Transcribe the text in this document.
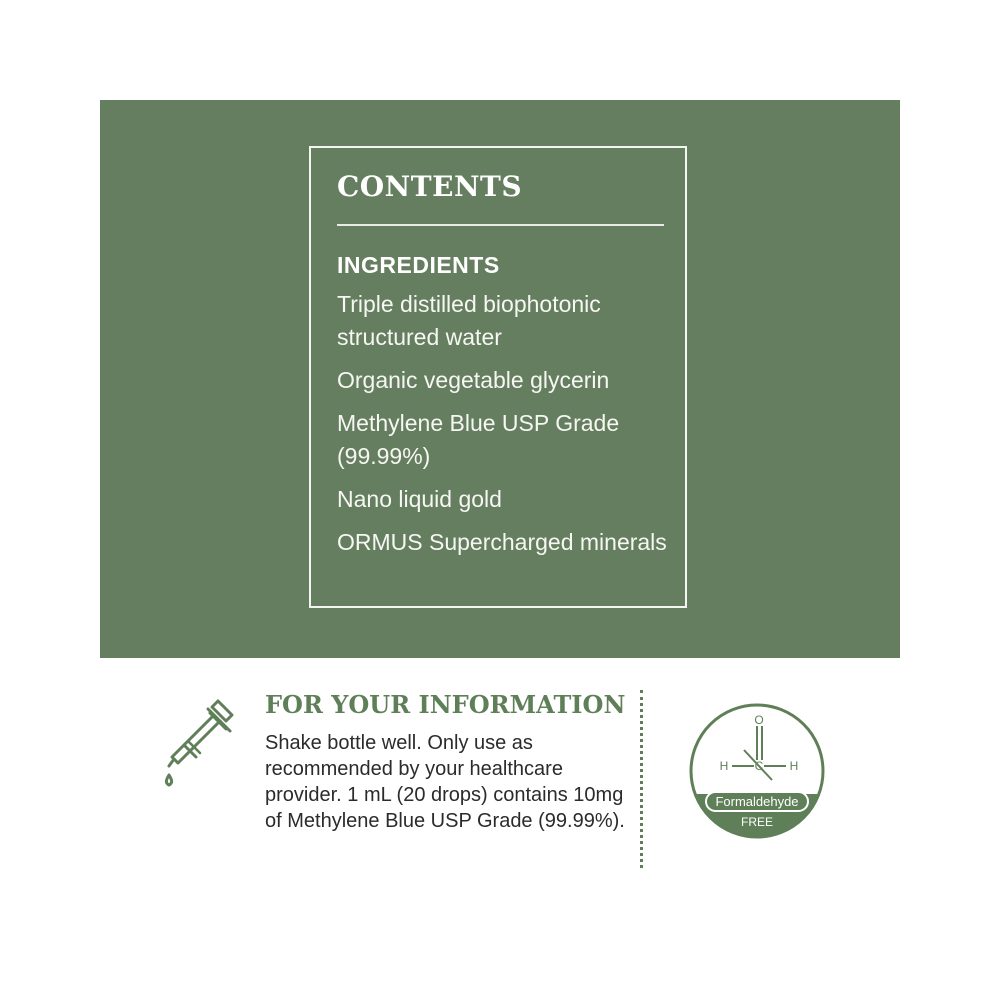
CONTENTS
INGREDIENTS
Triple distilled biophotonic structured water
Organic vegetable glycerin
Methylene Blue USP Grade (99.99%)
Nano liquid gold
ORMUS Supercharged minerals
FOR YOUR INFORMATION

Shake bottle well. Only use as recommended by your healthcare provider. 1 mL (20 drops) contains 10mg of Methylene Blue USP Grade (99.99%).

O
C
H	H
Formaldehyde
FREE
